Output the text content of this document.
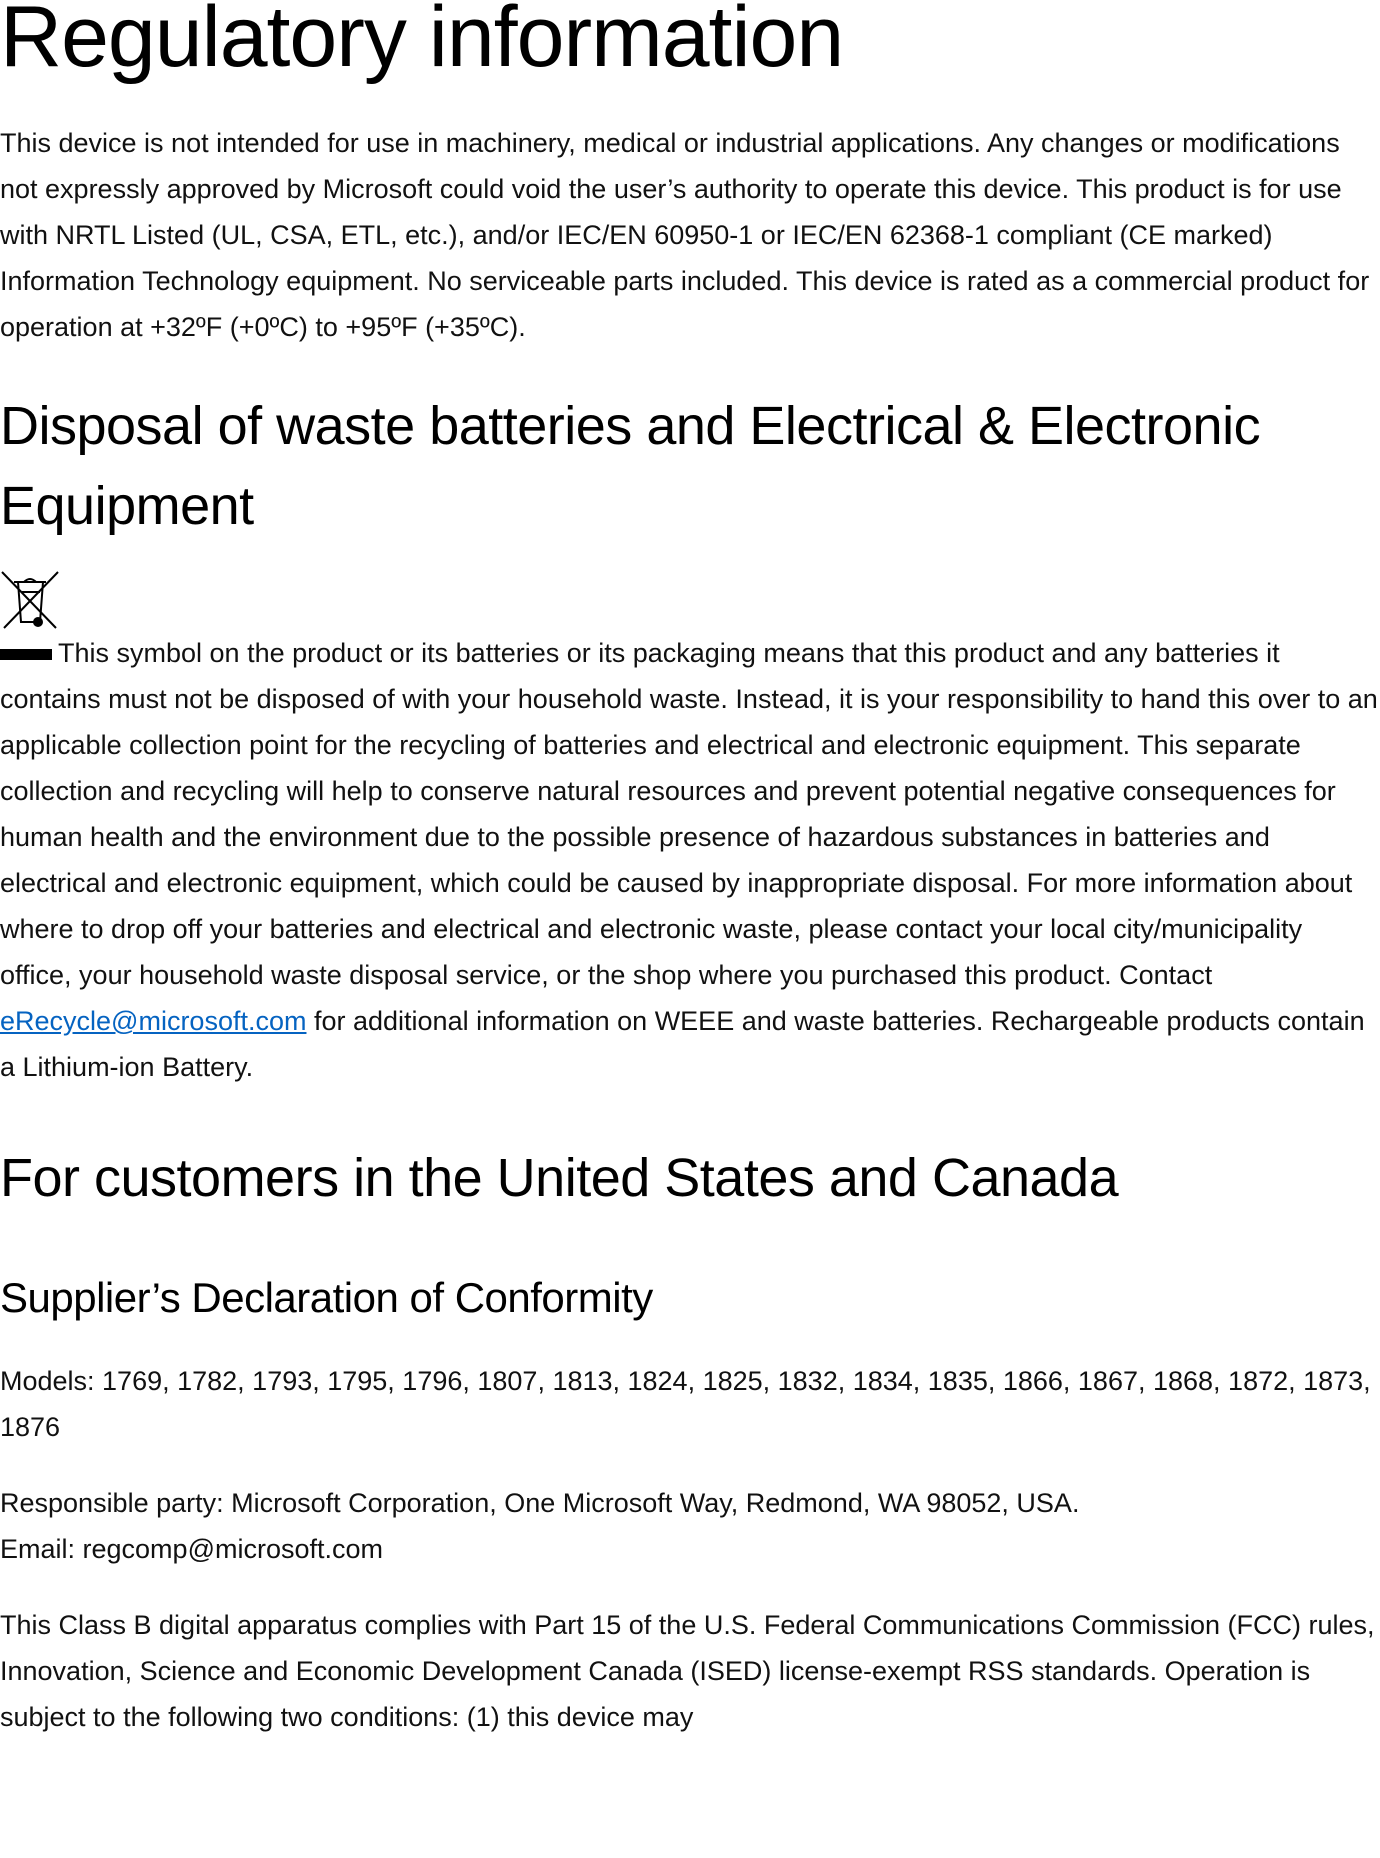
Regulatory information

This device is not intended for use in machinery, medical or industrial applications. Any changes or modifications not expressly approved by Microsoft could void the user’s authority to operate this device. This product is for use with NRTL Listed (UL, CSA, ETL, etc.), and/or IEC/EN 60950-1 or IEC/EN 62368-1 compliant (CE marked) Information Technology equipment. No serviceable parts included. This device is rated as a commercial product for operation at +32ºF (+0ºC) to +95ºF (+35ºC).

Disposal of waste batteries and Electrical & Electronic Equipment

This symbol on the product or its batteries or its packaging means that this product and any batteries it contains must not be disposed of with your household waste. Instead, it is your responsibility to hand this over to an applicable collection point for the recycling of batteries and electrical and electronic equipment. This separate collection and recycling will help to conserve natural resources and prevent potential negative consequences for human health and the environment due to the possible presence of hazardous substances in batteries and electrical and electronic equipment, which could be caused by inappropriate disposal. For more information about where to drop off your batteries and electrical and electronic waste, please contact your local city/municipality office, your household waste disposal service, or the shop where you purchased this product. Contact eRecycle@microsoft.com for additional information on WEEE and waste batteries. Rechargeable products contain a Lithium-ion Battery.

For customers in the United States and Canada
Supplier’s Declaration of Conformity

Models: 1769, 1782, 1793, 1795, 1796, 1807, 1813, 1824, 1825, 1832, 1834, 1835, 1866, 1867, 1868, 1872, 1873, 1876

Responsible party: Microsoft Corporation, One Microsoft Way, Redmond, WA 98052, USA.

Email: regcomp@microsoft.com

This Class B digital apparatus complies with Part 15 of the U.S. Federal Communications Commission (FCC) rules, Innovation, Science and Economic Development Canada (ISED) license-exempt RSS standards. Operation is subject to the following two conditions: (1) this device may
